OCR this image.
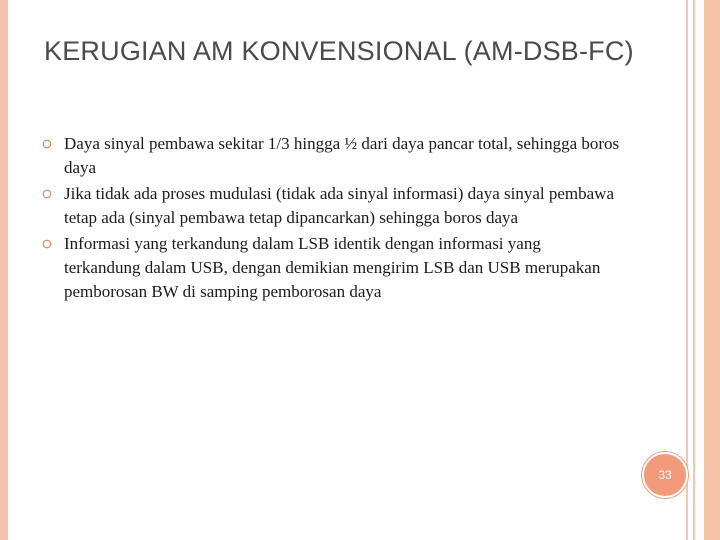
KERUGIAN AM KONVENSIONAL (AM-DSB-FC)
Daya sinyal pembawa sekitar 1/3 hingga ½ dari daya pancar total, sehingga boros daya
Jika tidak ada proses mudulasi (tidak ada sinyal informasi) daya sinyal pembawa tetap ada (sinyal pembawa tetap dipancarkan) sehingga boros daya
Informasi yang terkandung dalam LSB identik dengan informasi yang terkandung dalam USB, dengan demikian mengirim LSB dan USB merupakan pemborosan BW di samping pemborosan daya
33
